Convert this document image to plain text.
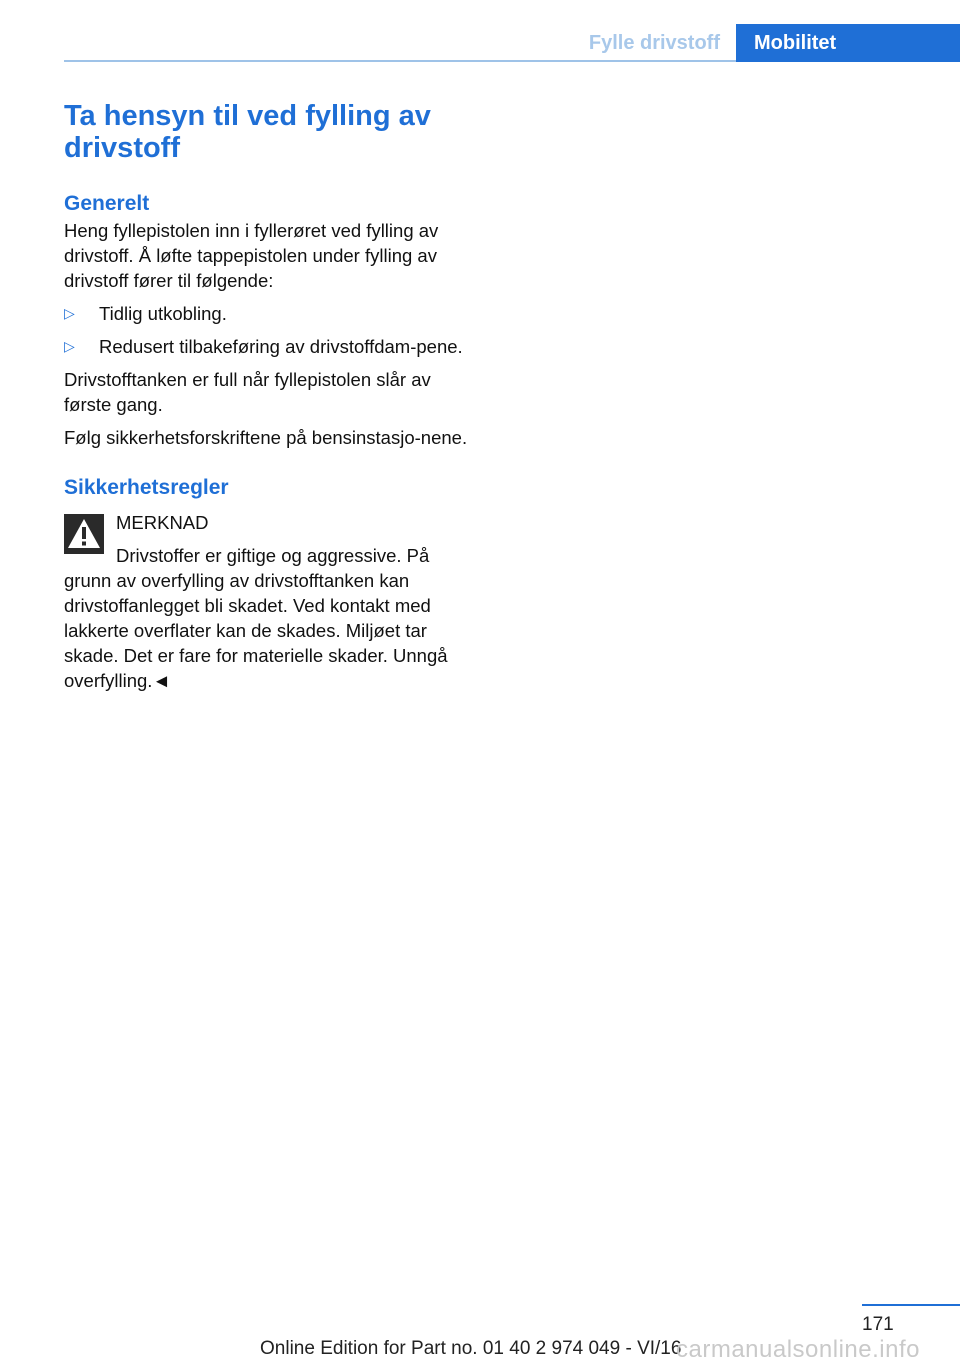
Fylle drivstoff	Mobilitet
Ta hensyn til ved fylling av drivstoff
Generelt

Heng fyllepistolen inn i fyllerøret ved fylling av drivstoff. Å løfte tappepistolen under fylling av drivstoff fører til følgende:

▷ Tidlig utkobling.
▷ Redusert tilbakeføring av drivstoffdam-pene.

Drivstofftanken er full når fyllepistolen slår av første gang.

Følg sikkerhetsforskriftene på bensinstasjo-nene.

Sikkerhetsregler
MERKNAD

Drivstoffer er giftige og aggressive. På

grunn av overfylling av drivstofftanken kan drivstoffanlegget bli skadet. Ved kontakt med lakkerte overflater kan de skades. Miljøet tar skade. Det er fare for materielle skader. Unngå overfylling.◄

171
Online Edition for Part no. 01 40 2 974 049 - VI/16
carmanualsonline.info
